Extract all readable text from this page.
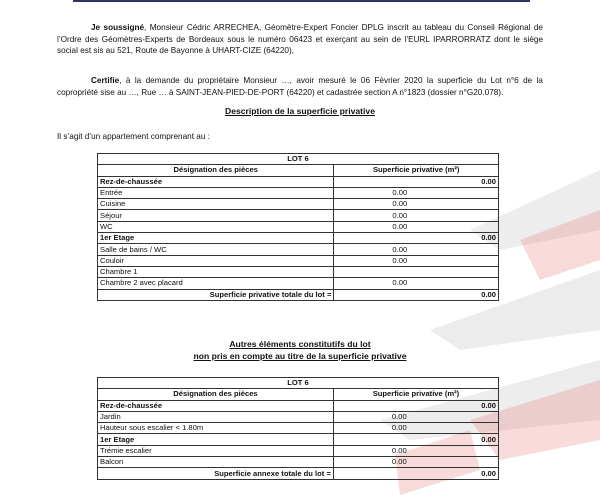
Je soussigné, Monsieur Cédric ARRECHEA, Géomètre-Expert Foncier DPLG inscrit au tableau du Conseil Régional de l’Ordre des Géomètres-Experts de Bordeaux sous le numéro 06423 et exerçant au sein de l’EURL IPARRORRATZ dont le siège social est sis au 521, Route de Bayonne à UHART-CIZE (64220),

Certifie, à la demande du propriétaire Monsieur …, avoir mesuré le 06 Février 2020 la superficie du Lot n°6 de la copropriété sise au …, Rue … à SAINT-JEAN-PIED-DE-PORT (64220) et cadastrée section A n°1823 (dossier n°G20.078).

Description de la superficie privative
Il s’agit d’un appartement comprenant au :
LOT 6	
Désignation des pièces	Superficie privative (m²)
Rez-de-chaussée	0.00
Entrée	0.00
Cuisine	0.00
Séjour	0.00
WC	0.00
1er Etage	0.00
Salle de bains / WC	0.00
Couloir	0.00
Chambre 1	
Chambre 2 avec placard	0.00
Superficie privative totale du lot =	0.00
Autres éléments constitutifs du lot
non pris en compte au titre de la superficie privative
LOT 6	
Désignation des pièces	Superficie privative (m²)
Rez-de-chaussée	0.00
Jardin	0.00
Hauteur sous escalier < 1.80m	0.00
1er Etage	0.00
Trémie escalier	0.00
Balcon	0.00
Superficie annexe totale du lot =	0.00
